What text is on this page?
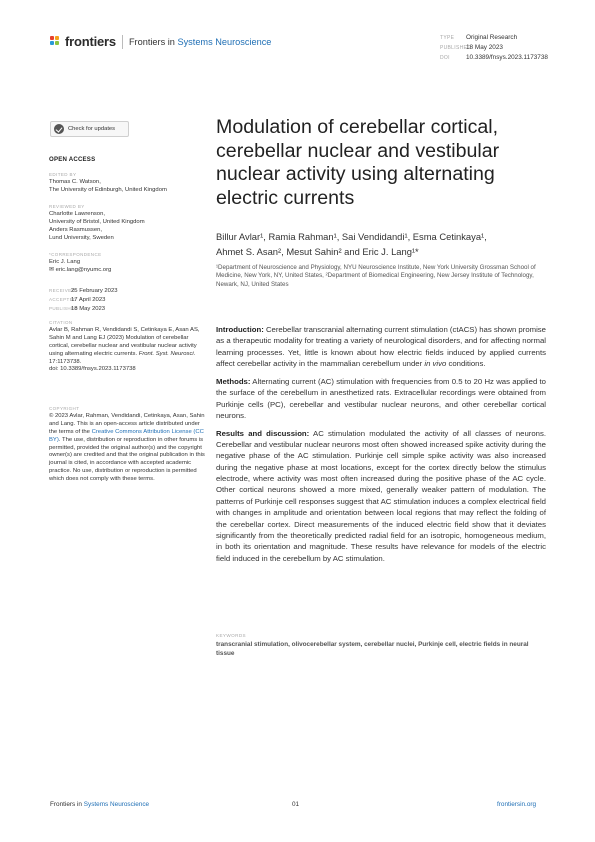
frontiers Frontiers in Systems Neuroscience	TYPE Original Research
PUBLISHED18 May 2023
DOI	10.3389/fnsys.2023.1173738
Check for updates

OPEN ACCESS

EDITED BY

Thomas C. Watson,

The University of Edinburgh, United Kingdom

REVIEWED BY

Charlotte Lawrenson,

University of Bristol, United Kingdom

Anders Rasmussen,

Lund University, Sweden

*CORRESPONDENCE

Eric J. Lang

✉ eric.lang@nyumc.org

RECEIVED25 February 2023

ACCEPTED17 April 2023

PUBLISHED18 May 2023

CITATION

Avlar B, Rahman R, Vendidandi S, Cetinkaya E, Asan AS, Sahin M and Lang EJ (2023) Modulation of cerebellar cortical, cerebellar nuclear and vestibular nuclear activity using alternating electric currents. Front. Syst. Neurosci. 17:1173738.

doi: 10.3389/fnsys.2023.1173738

COPYRIGHT

© 2023 Avlar, Rahman, Vendidandi, Cetinkaya, Asan, Sahin and Lang. This is an open-access article distributed under the terms of the Creative Commons Attribution License (CC BY). The use, distribution or reproduction in other forums is permitted, provided the original author(s) and the copyright owner(s) are credited and that the original publication in this journal is cited, in accordance with accepted academic practice. No use, distribution or reproduction is permitted which does not comply with these terms.

Modulation of cerebellar cortical, cerebellar nuclear and vestibular nuclear activity using alternating electric currents
Billur Avlar¹, Ramia Rahman¹, Sai Vendidandi¹, Esma Cetinkaya¹,
Ahmet S. Asan², Mesut Sahin² and Eric J. Lang¹*
¹Department of Neuroscience and Physiology, NYU Neuroscience Institute, New York University Grossman School of Medicine, New York, NY, United States, ²Department of Biomedical Engineering, New Jersey Institute of Technology, Newark, NJ, United States

Introduction: Cerebellar transcranial alternating current stimulation (ctACS) has shown promise as a therapeutic modality for treating a variety of neurological disorders, and for affecting normal learning processes. Yet, little is known about how electric fields induced by applied currents affect cerebellar activity in the mammalian cerebellum under in vivo conditions.

Methods: Alternating current (AC) stimulation with frequencies from 0.5 to 20 Hz was applied to the surface of the cerebellum in anesthetized rats. Extracellular recordings were obtained from Purkinje cells (PC), cerebellar and vestibular nuclear neurons, and other cerebellar cortical neurons.

Results and discussion: AC stimulation modulated the activity of all classes of neurons. Cerebellar and vestibular nuclear neurons most often showed increased spike activity during the negative phase of the AC stimulation. Purkinje cell simple spike activity was also increased during the negative phase at most locations, except for the cortex directly below the stimulus electrode, where activity was most often increased during the positive phase of the AC cycle. Other cortical neurons showed a more mixed, generally weaker pattern of modulation. The patterns of Purkinje cell responses suggest that AC stimulation induces a complex electrical field with changes in amplitude and orientation between local regions that may reflect the folding of the cerebellar cortex. Direct measurements of the induced electric field show that it deviates significantly from the theoretically predicted radial field for an isotropic, homogeneous medium, in both its orientation and magnitude. These results have relevance for models of the electric field induced in the cerebellum by AC stimulation.

KEYWORDS
transcranial stimulation, olivocerebellar system, cerebellar nuclei, Purkinje cell, electric fields in neural tissue
Frontiers in Systems Neuroscience	01	frontiersin.org
